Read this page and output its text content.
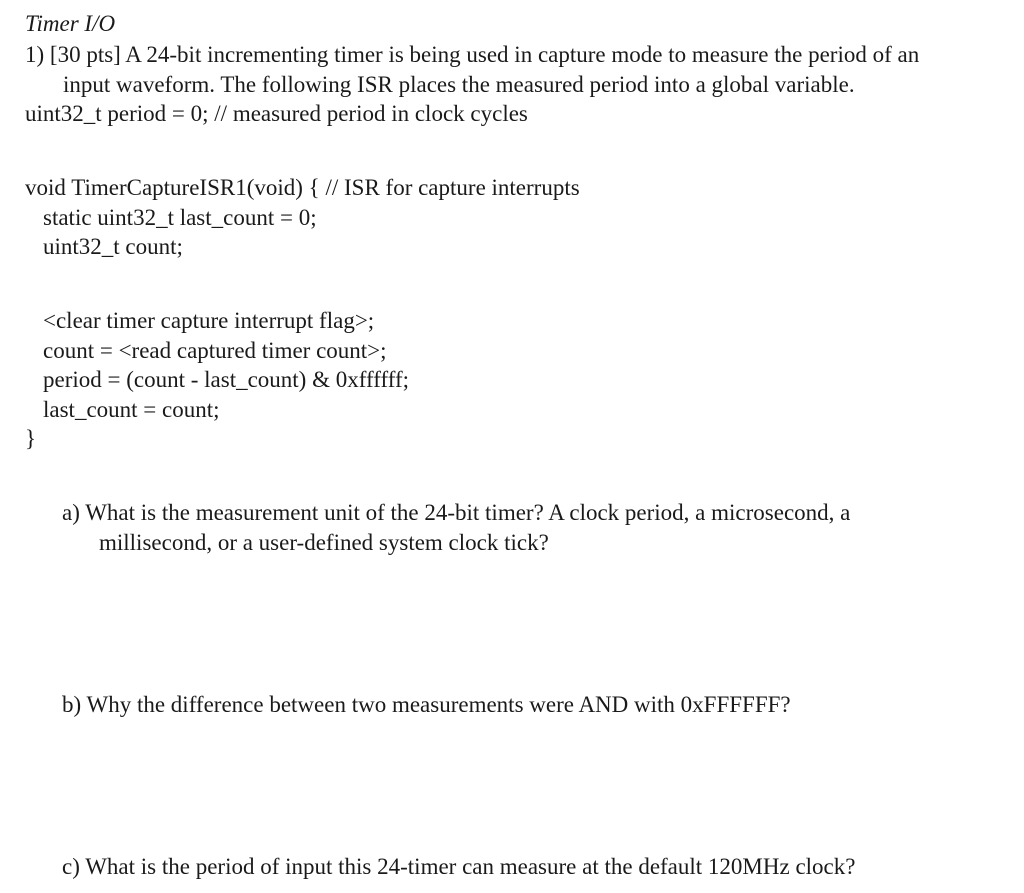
Timer I/O

1) [30 pts] A 24-bit incrementing timer is being used in capture mode to measure the period of an

input waveform. The following ISR places the measured period into a global variable.

uint32_t period = 0; // measured period in clock cycles

void TimerCaptureISR1(void) { // ISR for capture interrupts

static uint32_t last_count = 0;

uint32_t count;

<clear timer capture interrupt flag>;

count = <read captured timer count>;

period = (count - last_count) & 0xffffff;

last_count = count;

}

a) What is the measurement unit of the 24-bit timer? A clock period, a microsecond, a

millisecond, or a user-defined system clock tick?

b) Why the difference between two measurements were AND with 0xFFFFFF?

c) What is the period of input this 24-timer can measure at the default 120MHz clock?
